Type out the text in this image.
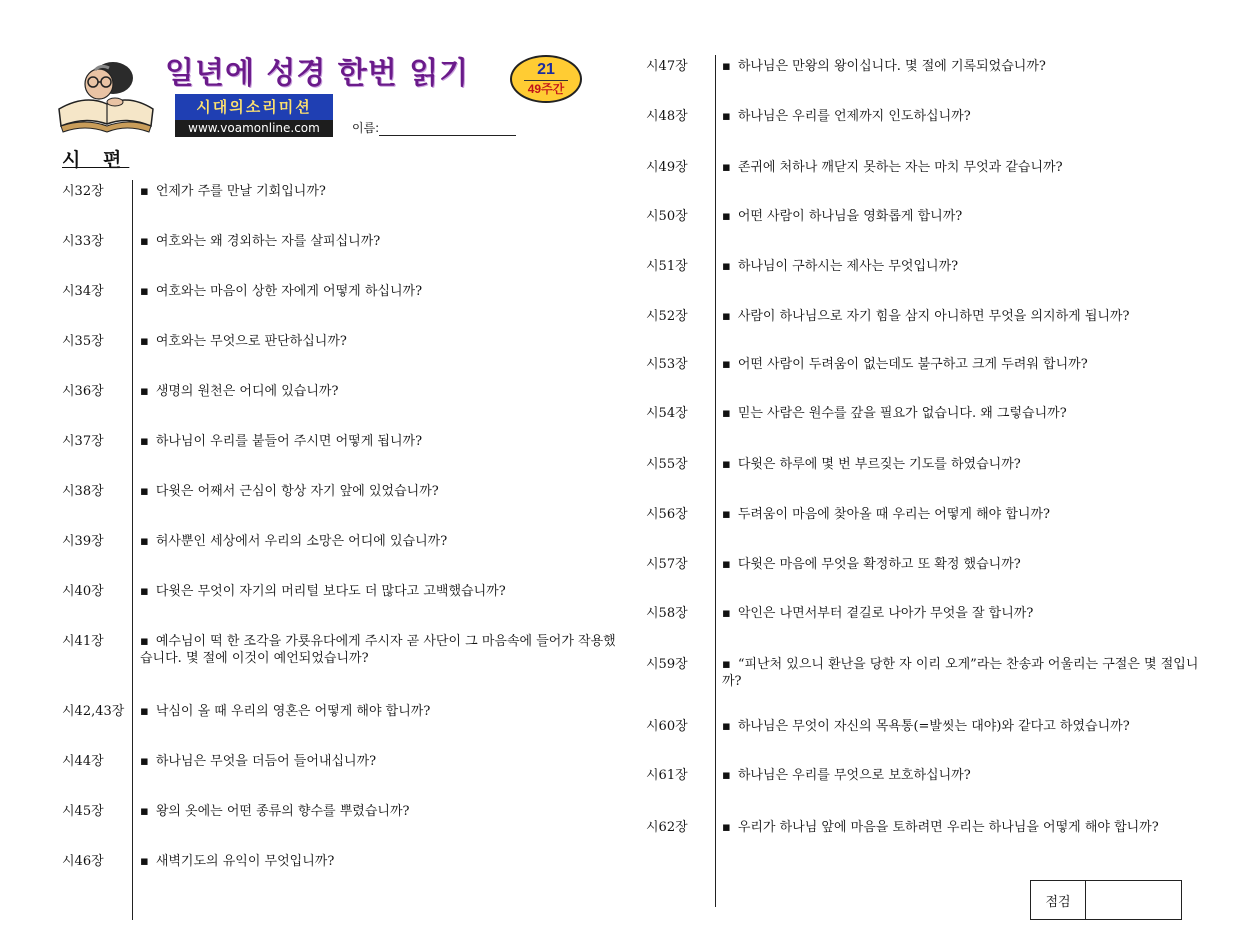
일년에 성경 한번 읽기	21
49주간
시대의소리미션
www.voamonline.com	이름:
시 편
시32장	▪ 언제가 주를 만날 기회입니까?
시33장	▪ 여호와는 왜 경외하는 자를 살피십니까?
시34장	▪ 여호와는 마음이 상한 자에게 어떻게 하십니까?
시35장	▪ 여호와는 무엇으로 판단하십니까?
시36장	▪ 생명의 원천은 어디에 있습니까?
시37장	▪ 하나님이 우리를 붙들어 주시면 어떻게 됩니까?
시38장	▪ 다윗은 어째서 근심이 항상 자기 앞에 있었습니까?
시39장	▪ 허사뿐인 세상에서 우리의 소망은 어디에 있습니까?
시40장	▪ 다윗은 무엇이 자기의 머리털 보다도 더 많다고 고백했습니까?
시41장	▪ 예수님이 떡 한 조각을 가룟유다에게 주시자 곧 사단이 그 마음속에 들어가 작용했습니다. 몇 절에 이것이 예언되었습니까?
시42,43장	▪ 낙심이 올 때 우리의 영혼은 어떻게 해야 합니까?
시44장	▪ 하나님은 무엇을 더듬어 들어내십니까?
시45장	▪ 왕의 옷에는 어떤 종류의 향수를 뿌렸습니까?
시46장	▪ 새벽기도의 유익이 무엇입니까?
시47장	▪ 하나님은 만왕의 왕이십니다. 몇 절에 기록되었습니까?
시48장	▪ 하나님은 우리를 언제까지 인도하십니까?
시49장	▪ 존귀에 처하나 깨닫지 못하는 자는 마치 무엇과 같습니까?
시50장	▪ 어떤 사람이 하나님을 영화롭게 합니까?
시51장	▪ 하나님이 구하시는 제사는 무엇입니까?
시52장	▪ 사람이 하나님으로 자기 힘을 삼지 아니하면 무엇을 의지하게 됩니까?
시53장	▪ 어떤 사람이 두려움이 없는데도 불구하고 크게 두려워 합니까?
시54장	▪ 믿는 사람은 원수를 갚을 필요가 없습니다. 왜 그렇습니까?
시55장	▪ 다윗은 하루에 몇 번 부르짖는 기도를 하였습니까?
시56장	▪ 두려움이 마음에 찾아올 때 우리는 어떻게 해야 합니까?
시57장	▪ 다윗은 마음에 무엇을 확정하고 또 확정 했습니까?
시58장	▪ 악인은 나면서부터 곁길로 나아가 무엇을 잘 합니까?
시59장	▪ “피난처 있으니 환난을 당한 자 이리 오게”라는 찬송과 어울리는 구절은 몇 절입니까?
시60장	▪ 하나님은 무엇이 자신의 목욕통(=발씻는 대야)와 같다고 하였습니까?
시61장	▪ 하나님은 우리를 무엇으로 보호하십니까?
시62장	▪ 우리가 하나님 앞에 마음을 토하려면 우리는 하나님을 어떻게 해야 합니까?
점검
